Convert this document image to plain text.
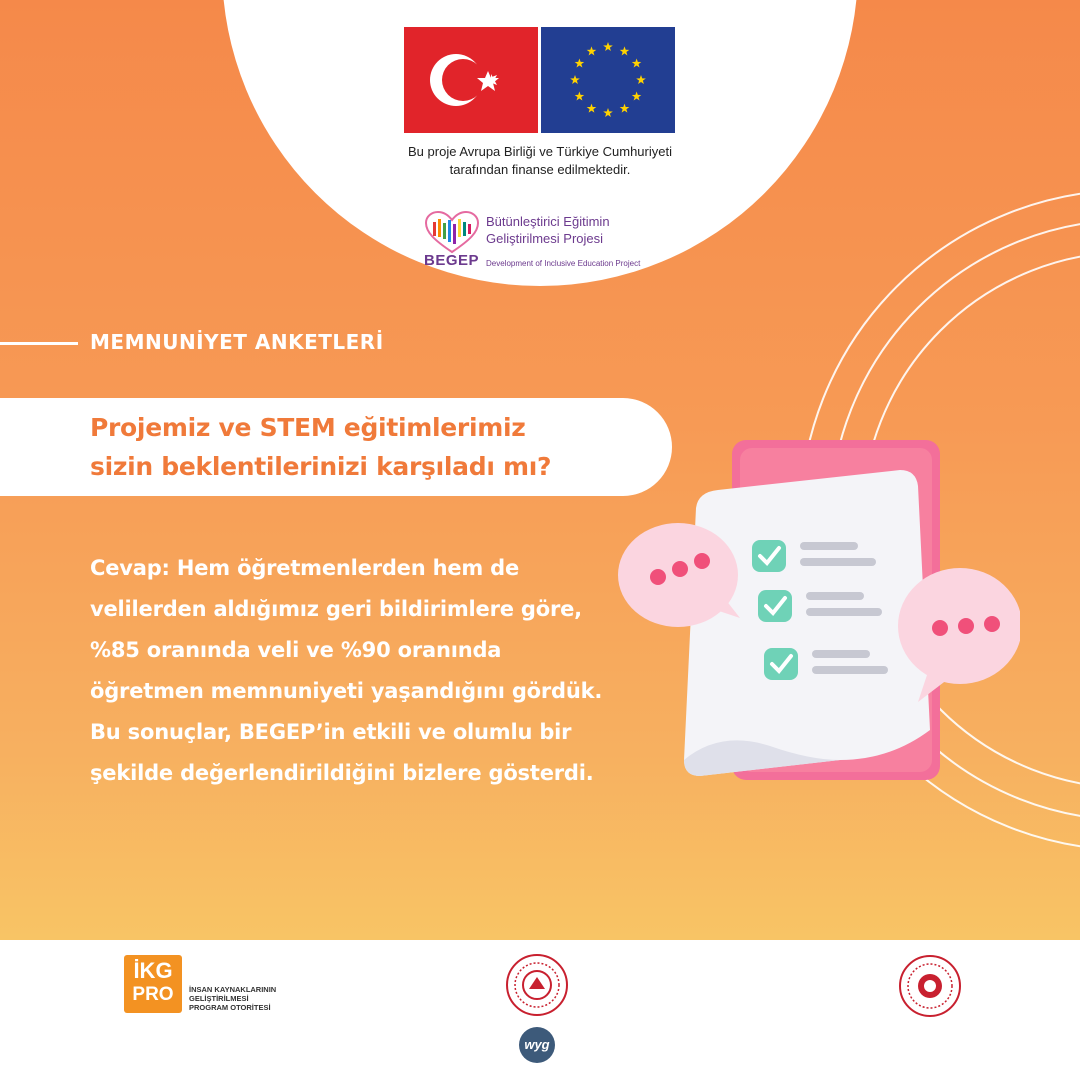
Bu proje Avrupa Birliği ve Türkiye Cumhuriyeti
tarafından finanse edilmektedir.
BEGEP
Bütünleştirici Eğitimin
Geliştirilmesi Projesi
Development of Inclusive Education Project
MEMNUNİYET ANKETLERİ
Projemiz ve STEM eğitimlerimiz
sizin beklentilerinizi karşıladı mı?
Cevap: Hem öğretmenlerden hem de velilerden aldığımız geri bildirimlere göre, %85 oranında veli ve %90 oranında öğretmen memnuniyeti yaşandığını gördük. Bu sonuçlar, BEGEP’in etkili ve olumlu bir şekilde değerlendirildiğini bizlere gösterdi.
İKG
PRO	İNSAN KAYNAKLARININ
GELİŞTİRİLMESİ
PROGRAM OTORİTESİ
wyg
